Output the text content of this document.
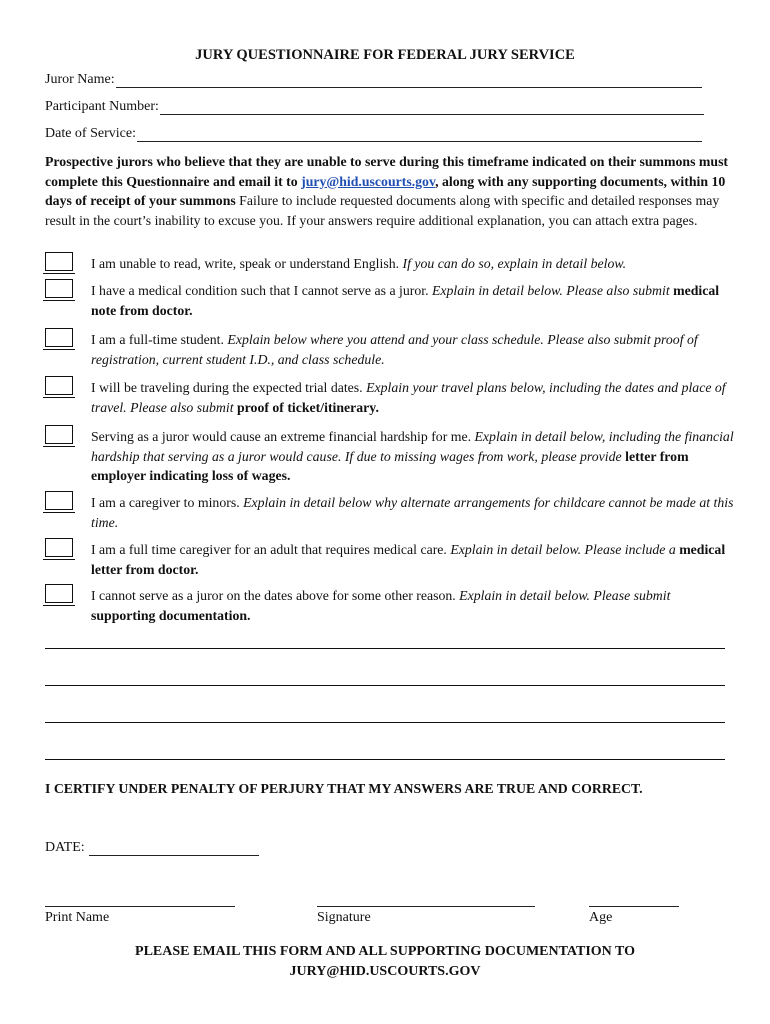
JURY QUESTIONNAIRE FOR FEDERAL JURY SERVICE
Juror Name:
Participant Number:
Date of Service:
Prospective jurors who believe that they are unable to serve during this timeframe indicated on their summons must complete this Questionnaire and email it to jury@hid.uscourts.gov, along with any supporting documents, within 10 days of receipt of your summons Failure to include requested documents along with specific and detailed responses may result in the court’s inability to excuse you. If your answers require additional explanation, you can attach extra pages.
I am unable to read, write, speak or understand English. If you can do so, explain in detail below.
I have a medical condition such that I cannot serve as a juror. Explain in detail below. Please also submit medical note from doctor.
I am a full-time student. Explain below where you attend and your class schedule. Please also submit proof of registration, current student I.D., and class schedule.
I will be traveling during the expected trial dates. Explain your travel plans below, including the dates and place of travel. Please also submit proof of ticket/itinerary.
Serving as a juror would cause an extreme financial hardship for me. Explain in detail below, including the financial hardship that serving as a juror would cause. If due to missing wages from work, please provide letter from employer indicating loss of wages.
I am a caregiver to minors. Explain in detail below why alternate arrangements for childcare cannot be made at this time.
I am a full time caregiver for an adult that requires medical care. Explain in detail below. Please include a medical letter from doctor.
I cannot serve as a juror on the dates above for some other reason. Explain in detail below. Please submit supporting documentation.
I CERTIFY UNDER PENALTY OF PERJURY THAT MY ANSWERS ARE TRUE AND CORRECT.
DATE:
Print Name	Signature	Age
PLEASE EMAIL THIS FORM AND ALL SUPPORTING DOCUMENTATION TO
JURY@HID.USCOURTS.GOV
